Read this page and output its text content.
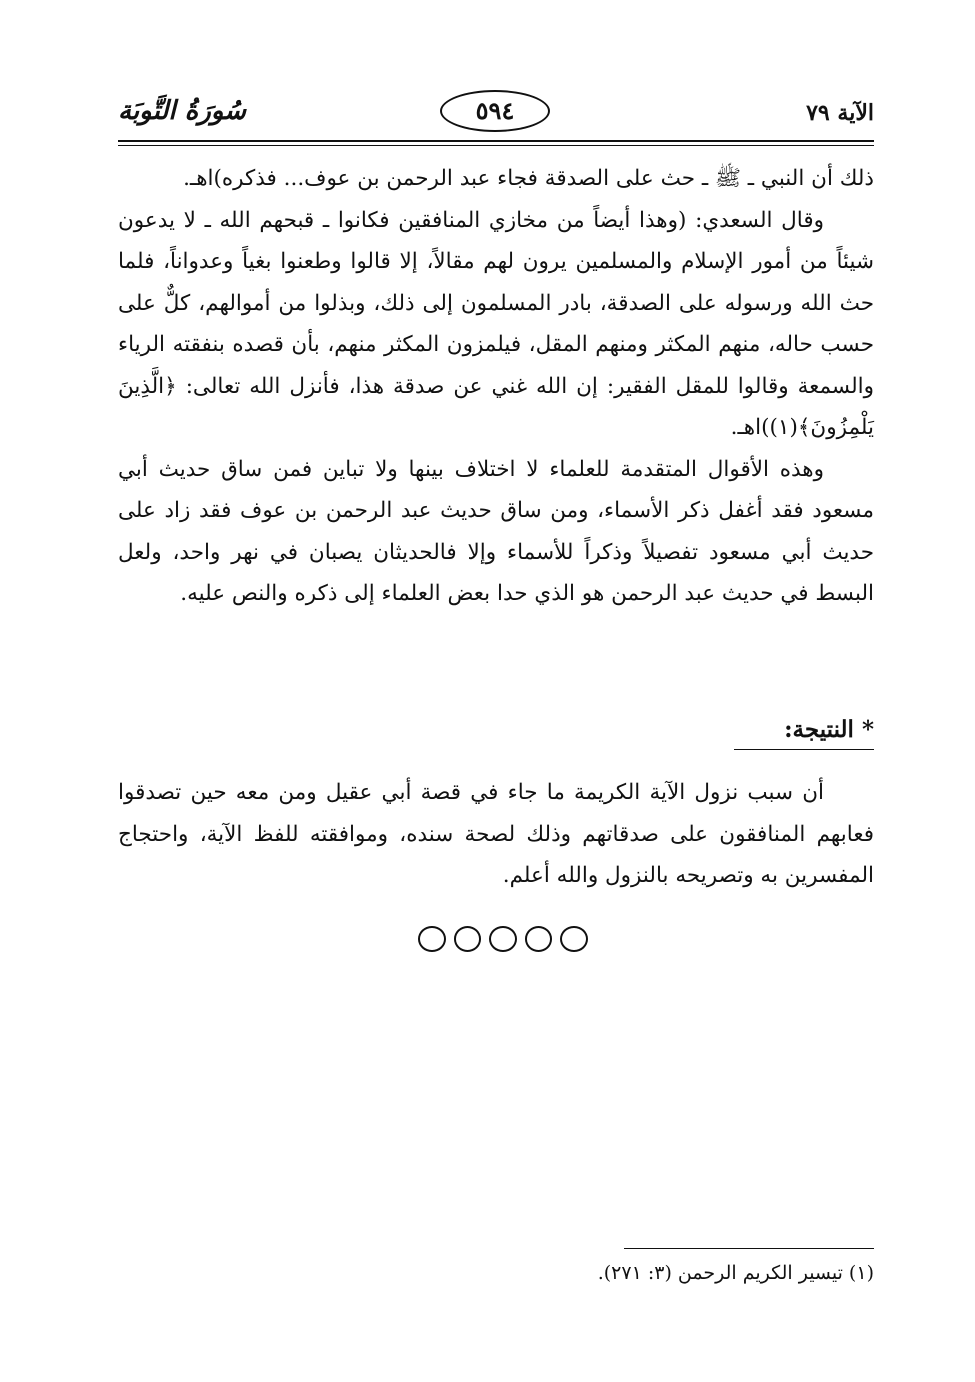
الآية ٧٩
٥٩٤
سُورَةُ التَّوبَة

ذلك أن النبي ـ ﷺ ـ حث على الصدقة فجاء عبد الرحمن بن عوف... فذكره)اهـ.

وقال السعدي: (وهذا أيضاً من مخازي المنافقين فكانوا ـ قبحهم الله ـ لا يدعون شيئاً من أمور الإسلام والمسلمين يرون لهم مقالاً، إلا قالوا وطعنوا بغياً وعدواناً، فلما حث الله ورسوله على الصدقة، بادر المسلمون إلى ذلك، وبذلوا من أموالهم، كلٌّ على حسب حاله، منهم المكثر ومنهم المقل، فيلمزون المكثر منهم، بأن قصده بنفقته الرياء والسمعة وقالوا للمقل الفقير: إن الله غني عن صدقة هذا، فأنزل الله تعالى: ﴿الَّذِينَ يَلْمِزُونَ﴾(١))اهـ.

وهذه الأقوال المتقدمة للعلماء لا اختلاف بينها ولا تباين فمن ساق حديث أبي مسعود فقد أغفل ذكر الأسماء، ومن ساق حديث عبد الرحمن بن عوف فقد زاد على حديث أبي مسعود تفصيلاً وذكراً للأسماء وإلا فالحديثان يصبان في نهر واحد، ولعل البسط في حديث عبد الرحمن هو الذي حدا بعض العلماء إلى ذكره والنص عليه.

* النتيجة:

أن سبب نزول الآية الكريمة ما جاء في قصة أبي عقيل ومن معه حين تصدقوا فعابهم المنافقون على صدقاتهم وذلك لصحة سنده، وموافقته للفظ الآية، واحتجاج المفسرين به وتصريحه بالنزول والله أعلم.

(١) تيسير الكريم الرحمن (٣: ٢٧١).
